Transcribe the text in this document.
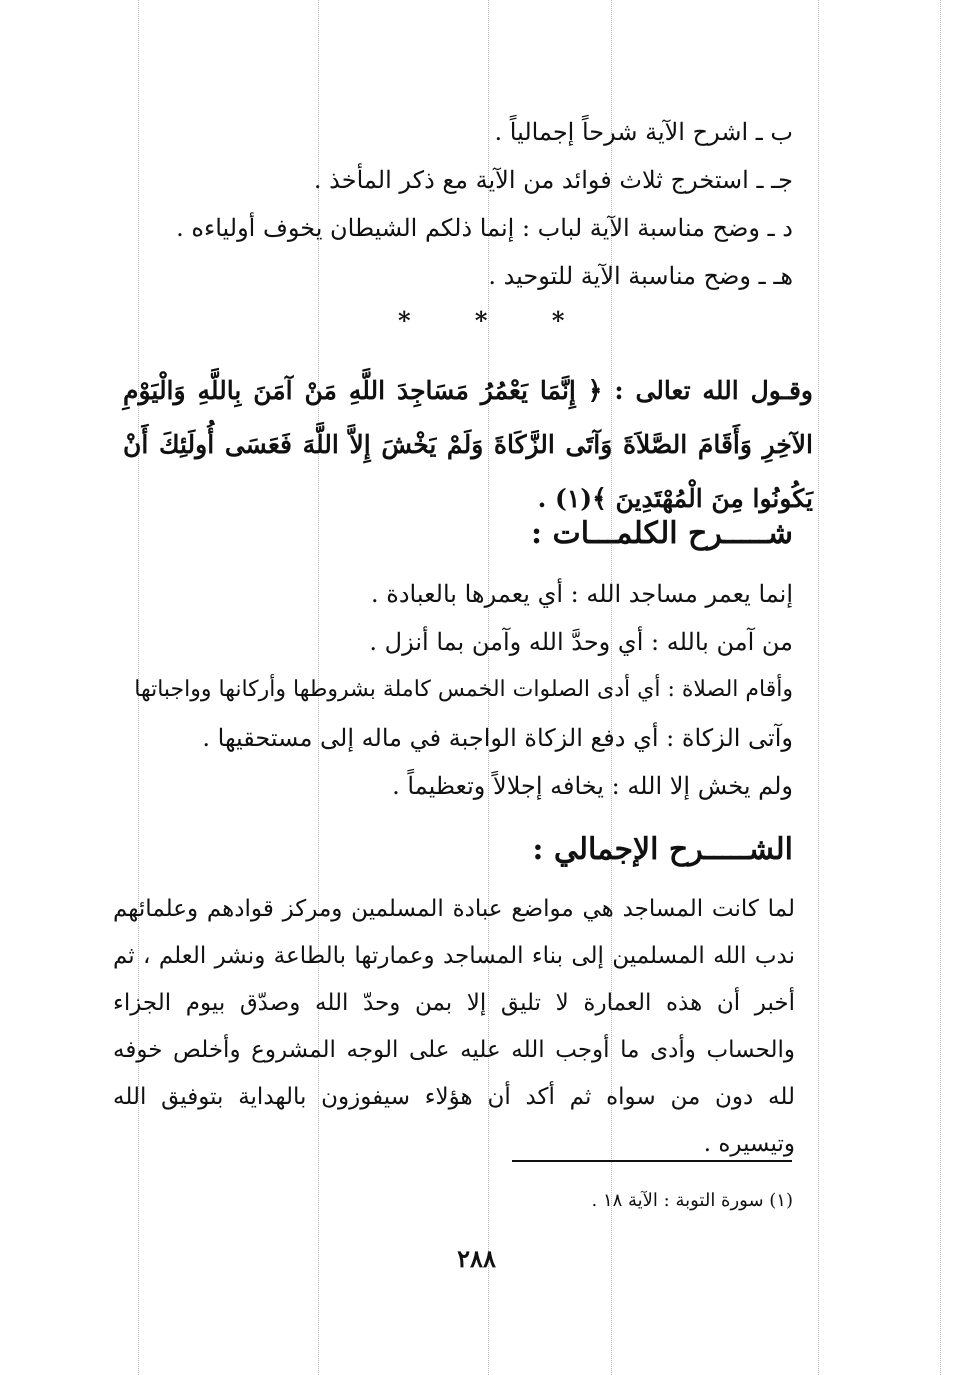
ب ـ اشرح الآية شرحاً إجمالياً .
جـ ـ استخرج ثلاث فوائد من الآية مع ذكر المأخذ .
د ـ وضح مناسبة الآية لباب : إنما ذلكم الشيطان يخوف أولياءه .
هـ ـ وضح مناسبة الآية للتوحيد .
* * *
وقـول الله تعالى : ﴿ إِنَّمَا يَعْمُرُ مَسَاجِدَ اللَّهِ مَنْ آمَنَ بِاللَّهِ وَالْيَوْمِ الآخِرِ وَأَقَامَ الصَّلاَةَ وَآتَى الزَّكَاةَ وَلَمْ يَخْشَ إِلاَّ اللَّهَ فَعَسَى أُولَئِكَ أَنْ يَكُونُوا مِنَ الْمُهْتَدِينَ ﴾(١) .
شـــــرح الكلمـــات :
إنما يعمر مساجد الله : أي يعمرها بالعبادة .
من آمن بالله : أي وحدَّ الله وآمن بما أنزل .
وأقام الصلاة : أي أدى الصلوات الخمس كاملة بشروطها وأركانها وواجباتها
وآتى الزكاة : أي دفع الزكاة الواجبة في ماله إلى مستحقيها .
ولم يخش إلا الله : يخافه إجلالاً وتعظيماً .
الشـــــرح الإجمالي :
لما كانت المساجد هي مواضع عبادة المسلمين ومركز قوادهم وعلمائهم ندب الله المسلمين إلى بناء المساجد وعمارتها بالطاعة ونشر العلم ، ثم أخبر أن هذه العمارة لا تليق إلا بمن وحدّ الله وصدّق بيوم الجزاء والحساب وأدى ما أوجب الله عليه على الوجه المشروع وأخلص خوفه لله دون من سواه ثم أكد أن هؤلاء سيفوزون بالهداية بتوفيق الله وتيسيره .
(١) سورة التوبة : الآية ١٨ .
٢٨٨
